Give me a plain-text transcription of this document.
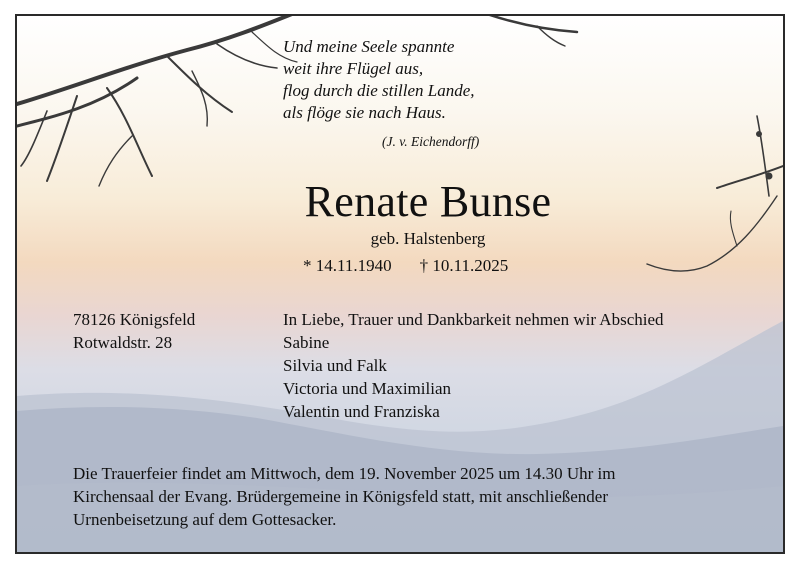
Und meine Seele spannte
weit ihre Flügel aus,
flog durch die stillen Lande,
als flöge sie nach Haus.
(J. v. Eichendorff)
Renate Bunse
geb. Halstenberg
* 14.11.1940 † 10.11.2025
78126 Königsfeld
Rotwaldstr. 28
In Liebe, Trauer und Dankbarkeit nehmen wir Abschied
Sabine
Silvia und Falk
Victoria und Maximilian
Valentin und Franziska
Die Trauerfeier findet am Mittwoch, dem 19. November 2025 um 14.30 Uhr im
Kirchensaal der Evang. Brüdergemeine in Königsfeld statt, mit anschließender
Urnenbeisetzung auf dem Gottesacker.
